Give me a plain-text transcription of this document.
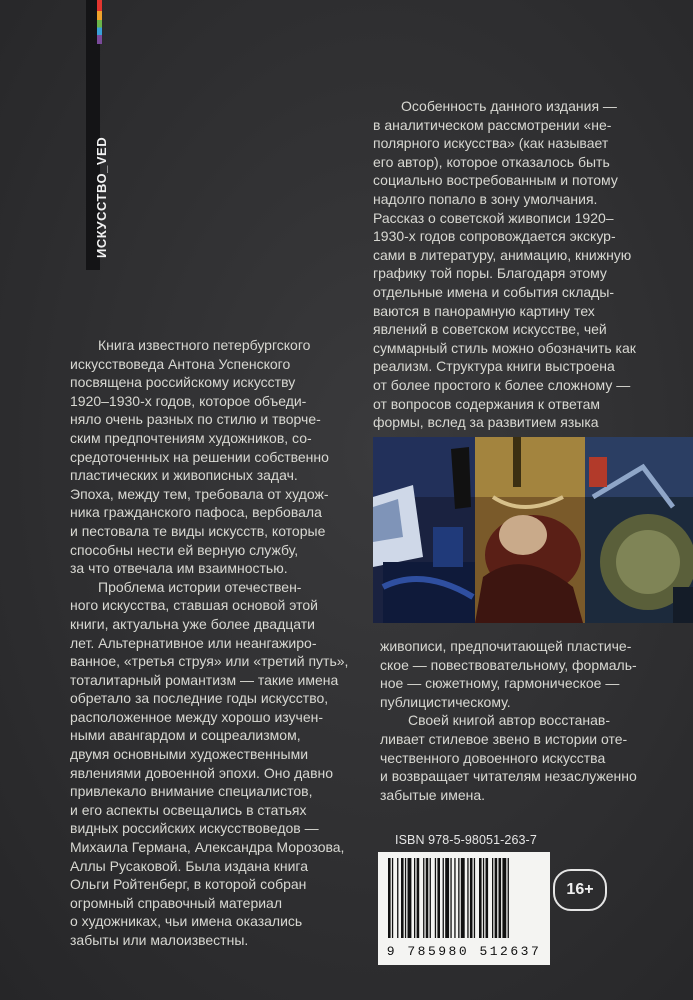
ИСКУССТВО_VED
Особенность данного издания —
в аналитическом рассмотрении «не-
полярного искусства» (как называет
его автор), которое отказалось быть
социально востребованным и потому
надолго попало в зону умолчания.
Рассказ о советской живописи 1920–
1930-х годов сопровождается экскур-
сами в литературу, анимацию, книжную
графику той поры. Благодаря этому
отдельные имена и события склады-
ваются в панорамную картину тех
явлений в советском искусстве, чей
суммарный стиль можно обозначить как
реализм. Структура книги выстроена
от более простого к более сложному —
от вопросов содержания к ответам
формы, вслед за развитием языка
Книга известного петербургского
искусствоведа Антона Успенского
посвящена российскому искусству
1920–1930-х годов, которое объеди-
няло очень разных по стилю и творче-
ским предпочтениям художников, со-
средоточенных на решении собственно
пластических и живописных задач.
Эпоха, между тем, требовала от худож-
ника гражданского пафоса, вербовала
и пестовала те виды искусств, которые
способны нести ей верную службу,
за что отвечала им взаимностью.
Проблема истории отечествен-
ного искусства, ставшая основой этой
книги, актуальна уже более двадцати
лет. Альтернативное или неангажиро-
ванное, «третья струя» или «третий путь»,
тоталитарный романтизм — такие имена
обретало за последние годы искусство,
расположенное между хорошо изучен-
ными авангардом и соцреализмом,
двумя основными художественными
явлениями довоенной эпохи. Оно давно
привлекало внимание специалистов,
и его аспекты освещались в статьях
видных российских искусствоведов —
Михаила Германа, Александра Морозова,
Аллы Русаковой. Была издана книга
Ольги Ройтенберг, в которой собран
огромный справочный материал
о художниках, чьи имена оказались
забыты или малоизвестны.
живописи, предпочитающей пластиче-
ское — повествовательному, формаль-
ное — сюжетному, гармоническое —
публицистическому.
Своей книгой автор восстанав-
ливает стилевое звено в истории оте-
чественного довоенного искусства
и возвращает читателям незаслуженно
забытые имена.
ISBN 978-5-98051-263-7
9 785980 512637
16+
